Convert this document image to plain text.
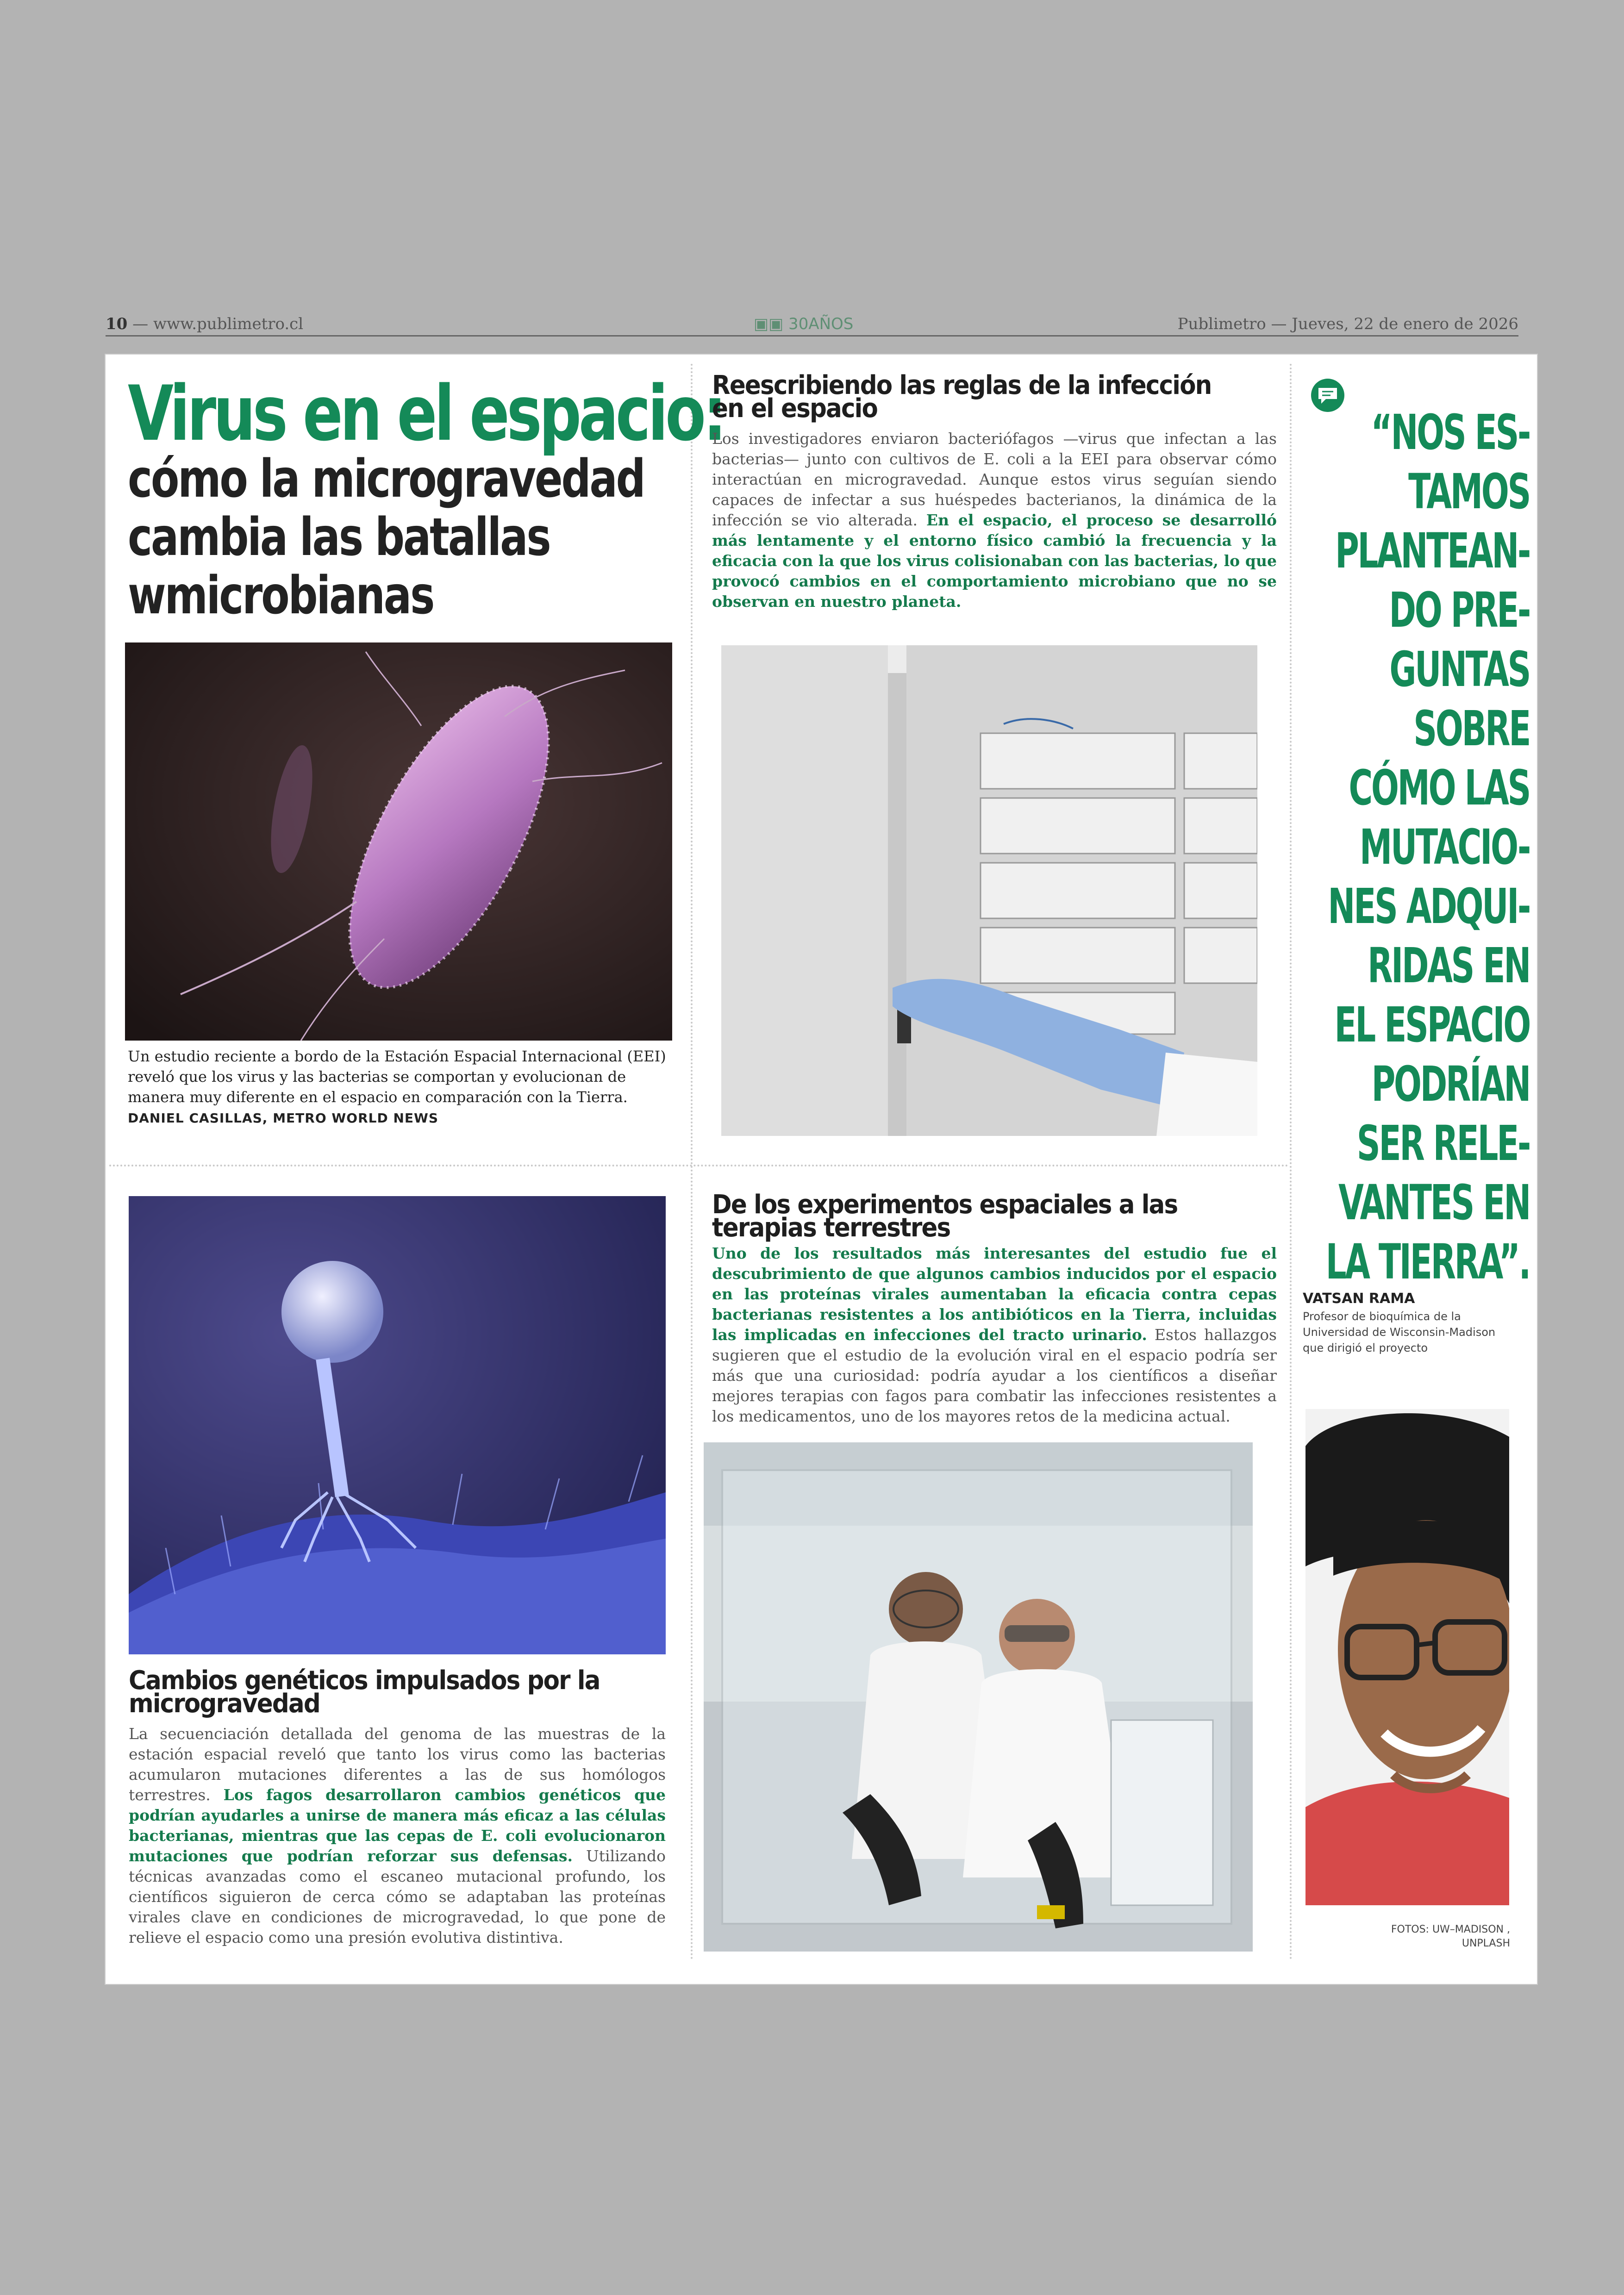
10 — www.publimetro.cl	▣▣ 30AÑOS	Publimetro — Jueves, 22 de enero de 2026
Virus en el espacio:
cómo la microgravedad
cambia las batallas
wmicrobianas
Un estudio reciente a bordo de la Estación Espacial Internacional (EEI) reveló que los virus y las bacterias se comportan y evolucionan de manera muy diferente en el espacio en comparación con la Tierra. DANIEL CASILLAS, METRO WORLD NEWS
Reescribiendo las reglas de la infección en el espacio
Los investigadores enviaron bacteriófagos —virus que infectan a las bacterias— junto con cultivos de E. coli a la EEI para observar cómo interactúan en microgravedad. Aunque estos virus seguían siendo capaces de infectar a sus huéspedes bacterianos, la dinámica de la infección se vio alterada. En el espacio, el proceso se desarrolló más lentamente y el entorno físico cambió la frecuencia y la eficacia con la que los virus colisionaban con las bacterias, lo que provocó cambios en el comportamiento microbiano que no se observan en nuestro planeta.
Cambios genéticos impulsados por la microgravedad
La secuenciación detallada del genoma de las muestras de la estación espacial reveló que tanto los virus como las bacterias acumularon mutaciones diferentes a las de sus homólogos terrestres. Los fagos desarrollaron cambios genéticos que podrían ayudarles a unirse de manera más eficaz a las células bacterianas, mientras que las cepas de E. coli evolucionaron mutaciones que podrían reforzar sus defensas. Utilizando técnicas avanzadas como el escaneo mutacional profundo, los científicos siguieron de cerca cómo se adaptaban las proteínas virales clave en condiciones de microgravedad, lo que pone de relieve el espacio como una presión evolutiva distintiva.
De los experimentos espaciales a las terapias terrestres
Uno de los resultados más interesantes del estudio fue el descubrimiento de que algunos cambios inducidos por el espacio en las proteínas virales aumentaban la eficacia contra cepas bacterianas resistentes a los antibióticos en la Tierra, incluidas las implicadas en infecciones del tracto urinario. Estos hallazgos sugieren que el estudio de la evolución viral en el espacio podría ser más que una curiosidad: podría ayudar a los científicos a diseñar mejores terapias con fagos para combatir las infecciones resistentes a los medicamentos, uno de los mayores retos de la medicina actual.
“NOS ES-
TAMOS
PLANTEAN-
DO PRE-
GUNTAS
SOBRE
CÓMO LAS
MUTACIO-
NES ADQUI-
RIDAS EN
EL ESPACIO
PODRÍAN
SER RELE-
VANTES EN
LA TIERRA”.
VATSAN RAMA
Profesor de bioquímica de la Universidad de Wisconsin-Madison que dirigió el proyecto
FOTOS: UW–MADISON , UNPLASH
